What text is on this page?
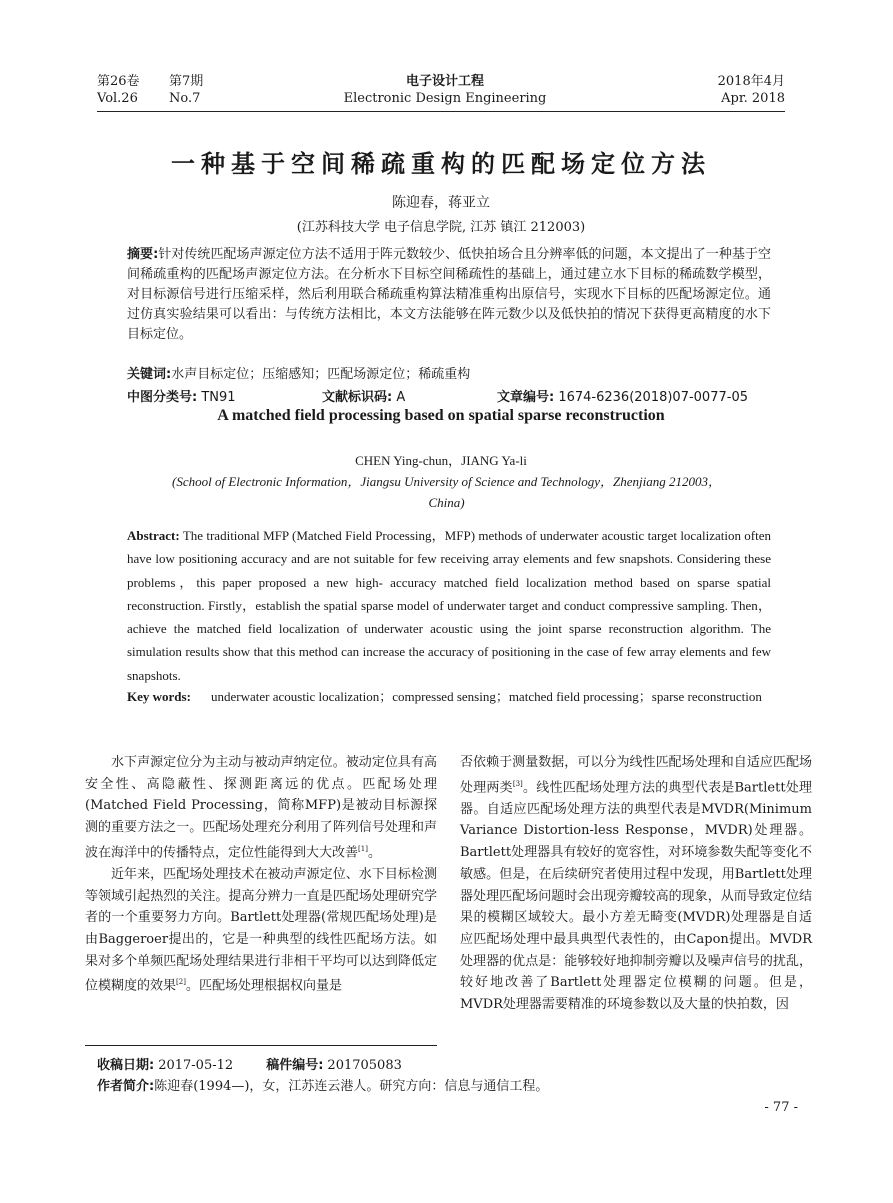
第26卷 第7期
Vol.26 No.7
电子设计工程
Electronic Design Engineering
2018年4月
Apr. 2018
一种基于空间稀疏重构的匹配场定位方法
陈迎春，蒋亚立
(江苏科技大学 电子信息学院, 江苏 镇江 212003)
摘要:针对传统匹配场声源定位方法不适用于阵元数较少、低快拍场合且分辨率低的问题，本文提出了一种基于空间稀疏重构的匹配场声源定位方法。在分析水下目标空间稀疏性的基础上，通过建立水下目标的稀疏数学模型，对目标源信号进行压缩采样，然后利用联合稀疏重构算法精准重构出原信号，实现水下目标的匹配场源定位。通过仿真实验结果可以看出：与传统方法相比，本文方法能够在阵元数少以及低快拍的情况下获得更高精度的水下目标定位。
关键词:水声目标定位；压缩感知；匹配场源定位；稀疏重构
中图分类号: TN91	文献标识码: A	文章编号: 1674-6236(2018)07-0077-05
A matched field processing based on spatial sparse reconstruction
CHEN Ying-chun，JIANG Ya-li
(School of Electronic Information，Jiangsu University of Science and Technology，Zhenjiang 212003，
China)
Abstract: The traditional MFP (Matched Field Processing，MFP) methods of underwater acoustic target localization often have low positioning accuracy and are not suitable for few receiving array elements and few snapshots. Considering these problems，this paper proposed a new high- accuracy matched field localization method based on sparse spatial reconstruction. Firstly，establish the spatial sparse model of underwater target and conduct compressive sampling. Then，achieve the matched field localization of underwater acoustic using the joint sparse reconstruction algorithm. The simulation results show that this method can increase the accuracy of positioning in the case of few array elements and few snapshots.
Key words: underwater acoustic localization；compressed sensing；matched field processing；sparse reconstruction

水下声源定位分为主动与被动声纳定位。被动定位具有高安全性、高隐蔽性、探测距离远的优点。匹配场处理(Matched Field Processing，简称MFP)是被动目标源探测的重要方法之一。匹配场处理充分利用了阵列信号处理和声波在海洋中的传播特点，定位性能得到大大改善[1]。

近年来，匹配场处理技术在被动声源定位、水下目标检测等领域引起热烈的关注。提高分辨力一直是匹配场处理研究学者的一个重要努力方向。Bartlett处理器(常规匹配场处理)是由Baggeroer提出的，它是一种典型的线性匹配场方法。如果对多个单频匹配场处理结果进行非相干平均可以达到降低定位模糊度的效果[2]。匹配场处理根据权向量是

否依赖于测量数据，可以分为线性匹配场处理和自适应匹配场处理两类[3]。线性匹配场处理方法的典型代表是Bartlett处理器。自适应匹配场处理方法的典型代表是MVDR(Minimum Variance Distortion-less Response，MVDR)处理器。Bartlett处理器具有较好的宽容性，对环境参数失配等变化不敏感。但是，在后续研究者使用过程中发现，用Bartlett处理器处理匹配场问题时会出现旁瓣较高的现象，从而导致定位结果的模糊区域较大。最小方差无畸变(MVDR)处理器是自适应匹配场处理中最具典型代表性的，由Capon提出。MVDR处理器的优点是：能够较好地抑制旁瓣以及噪声信号的扰乱，较好地改善了Bartlett处理器定位模糊的问题。但是，MVDR处理器需要精准的环境参数以及大量的快拍数，因

收稿日期: 2017-05-12	稿件编号: 201705083
作者简介:陈迎春(1994—)，女，江苏连云港人。研究方向：信息与通信工程。
- 77 -
